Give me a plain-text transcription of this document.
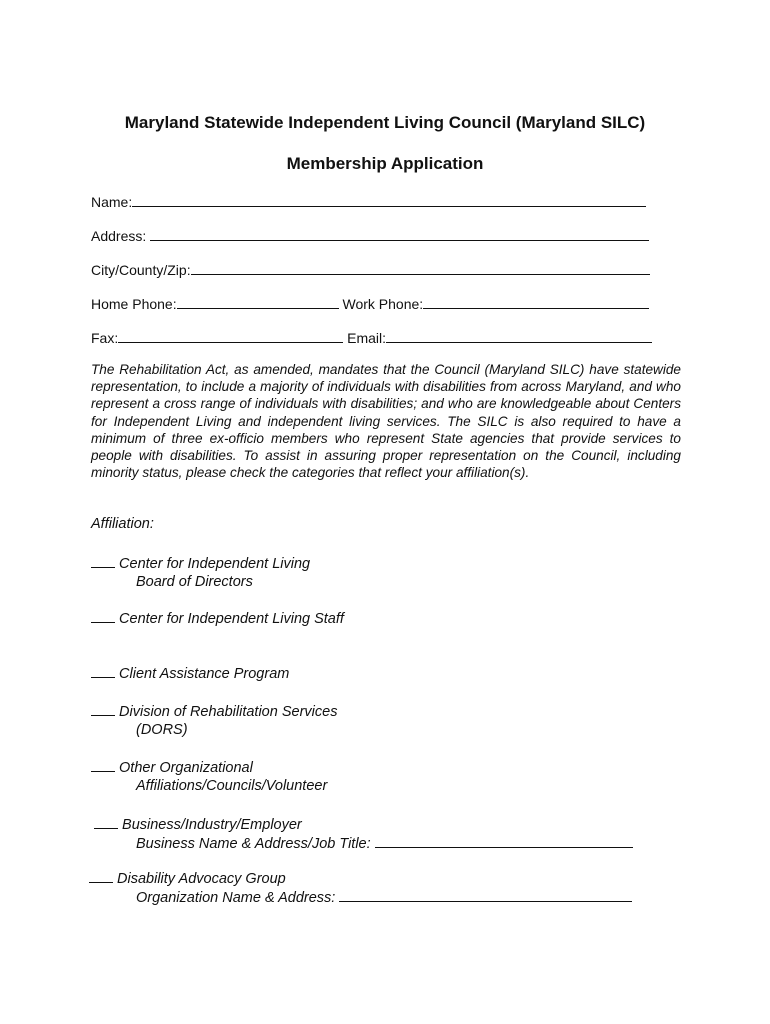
Maryland Statewide Independent Living Council (Maryland SILC)
Membership Application
Name:
Address:
City/County/Zip:
Home Phone:	Work Phone:
Fax:	Email:
The Rehabilitation Act, as amended, mandates that the Council (Maryland SILC) have statewide representation, to include a majority of individuals with disabilities from across Maryland, and who represent a cross range of individuals with disabilities; and who are knowledgeable about Centers for Independent Living and independent living services. The SILC is also required to have a minimum of three ex-officio members who represent State agencies that provide services to people with disabilities. To assist in assuring proper representation on the Council, including minority status, please check the categories that reflect your affiliation(s).
Affiliation:
Center for Independent Living
Board of Directors
Center for Independent Living Staff
Client Assistance Program
Division of Rehabilitation Services
(DORS)
Other Organizational
Affiliations/Councils/Volunteer
Business/Industry/Employer
Business Name & Address/Job Title:
Disability Advocacy Group
Organization Name & Address:
